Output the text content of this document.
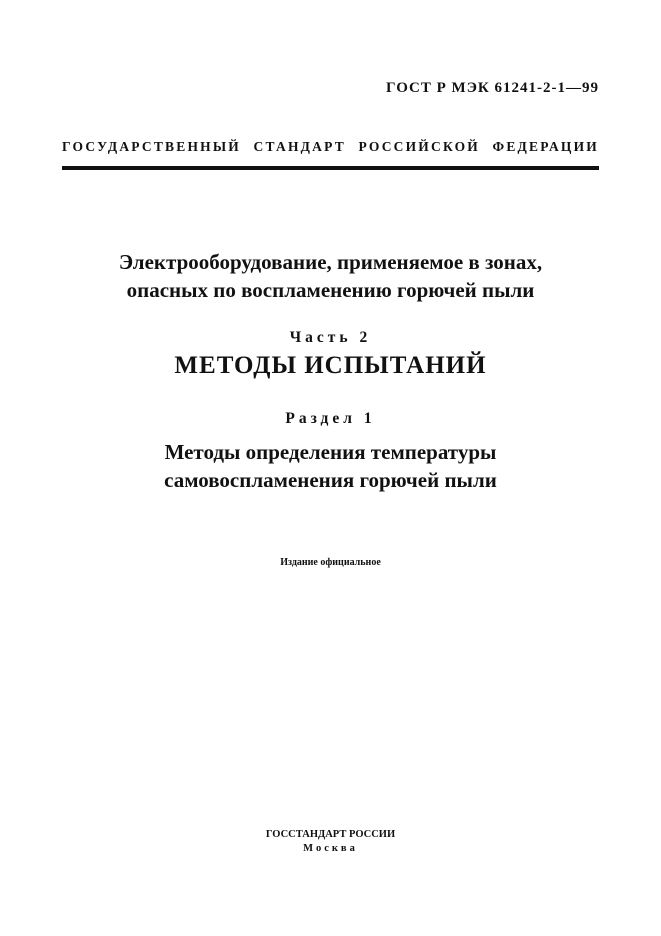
ГОСТ Р МЭК 61241-2-1—99
ГОСУДАРСТВЕННЫЙ СТАНДАРТ РОССИЙСКОЙ ФЕДЕРАЦИИ
Электрооборудование, применяемое в зонах,
опасных по воспламенению горючей пыли
Часть 2
МЕТОДЫ ИСПЫТАНИЙ
Раздел 1
Методы определения температуры
самовоспламенения горючей пыли
Издание официальное
ГОССТАНДАРТ РОССИИ
Москва
